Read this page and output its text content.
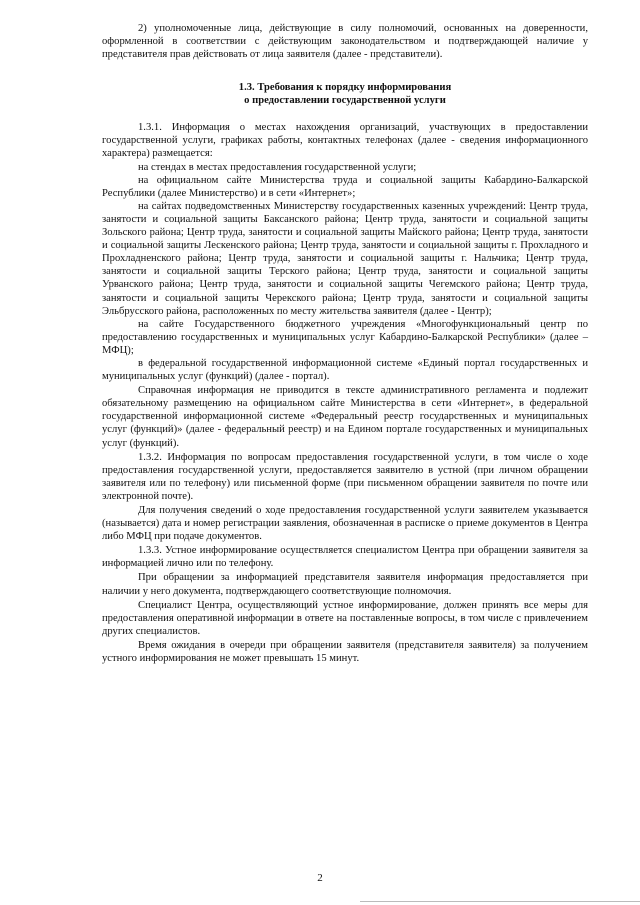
2) уполномоченные лица, действующие в силу полномочий, основанных на доверенности, оформленной в соответствии с действующим законодательством и подтверждающей наличие у представителя прав действовать от лица заявителя (далее - представители).

1.3. Требования к порядку информирования
о предоставлении государственной услуги

1.3.1. Информация о местах нахождения организаций, участвующих в предоставлении государственной услуги, графиках работы, контактных телефонах (далее - сведения информационного характера) размещается:

на стендах в местах предоставления государственной услуги;

на официальном сайте Министерства труда и социальной защиты Кабардино-Балкарской Республики (далее Министерство) и в сети «Интернет»;

на сайтах подведомственных Министерству государственных казенных учреждений: Центр труда, занятости и социальной защиты Баксанского района; Центр труда, занятости и социальной защиты Зольского района; Центр труда, занятости и социальной защиты Майского района; Центр труда, занятости и социальной защиты Лескенского района; Центр труда, занятости и социальной защиты г. Прохладного и Прохладненского района; Центр труда, занятости и социальной защиты г. Нальчика; Центр труда, занятости и социальной защиты Терского района; Центр труда, занятости и социальной защиты Урванского района; Центр труда, занятости и социальной защиты Чегемского района; Центр труда, занятости и социальной защиты Черекского района; Центр труда, занятости и социальной защиты Эльбрусского района, расположенных по месту жительства заявителя (далее - Центр);

на сайте Государственного бюджетного учреждения «Многофункциональный центр по предоставлению государственных и муниципальных услуг Кабардино-Балкарской Республики» (далее – МФЦ);

в федеральной государственной информационной системе «Единый портал государственных и муниципальных услуг (функций) (далее - портал).

Справочная информация не приводится в тексте административного регламента и подлежит обязательному размещению на официальном сайте Министерства в сети «Интернет», в федеральной государственной информационной системе «Федеральный реестр государственных и муниципальных услуг (функций)» (далее - федеральный реестр) и на Едином портале государственных и муниципальных услуг (функций).

1.3.2. Информация по вопросам предоставления государственной услуги, в том числе о ходе предоставления государственной услуги, предоставляется заявителю в устной (при личном обращении заявителя или по телефону) или письменной форме (при письменном обращении заявителя по почте или электронной почте).

Для получения сведений о ходе предоставления государственной услуги заявителем указывается (называется) дата и номер регистрации заявления, обозначенная в расписке о приеме документов в Центра либо МФЦ при подаче документов.

1.3.3. Устное информирование осуществляется специалистом Центра при обращении заявителя за информацией лично или по телефону.

При обращении за информацией представителя заявителя информация предоставляется при наличии у него документа, подтверждающего соответствующие полномочия.

Специалист Центра, осуществляющий устное информирование, должен принять все меры для предоставления оперативной информации в ответе на поставленные вопросы, в том числе с привлечением других специалистов.

Время ожидания в очереди при обращении заявителя (представителя заявителя) за получением устного информирования не может превышать 15 минут.

2
